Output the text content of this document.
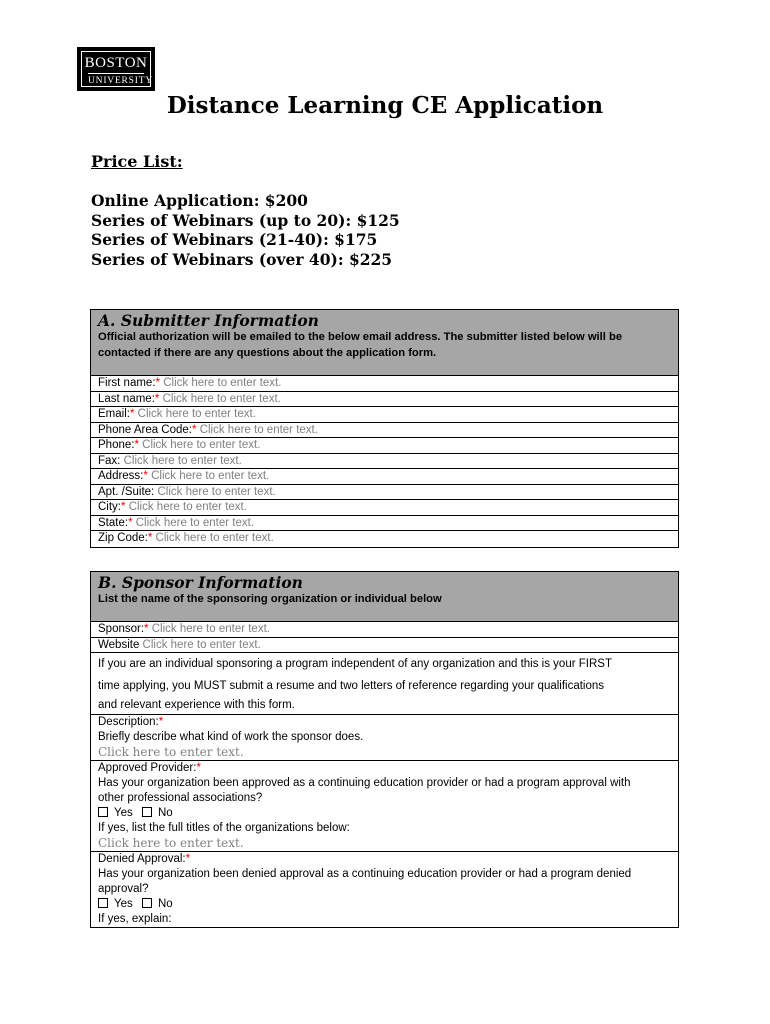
BOSTON
UNIVERSITY
Distance Learning CE Application
Price List:
Online Application: $200
Series of Webinars (up to 20): $125
Series of Webinars (21-40): $175
Series of Webinars (over 40): $225
A. Submitter Information
Official authorization will be emailed to the below email address. The submitter listed below will be contacted if there are any questions about the application form.
First name:* Click here to enter text.
Last name:* Click here to enter text.
Email:* Click here to enter text.
Phone Area Code:* Click here to enter text.
Phone:* Click here to enter text.
Fax: Click here to enter text.
Address:* Click here to enter text.
Apt. /Suite: Click here to enter text.
City:* Click here to enter text.
State:* Click here to enter text.
Zip Code:* Click here to enter text.
B. Sponsor Information
List the name of the sponsoring organization or individual below
Sponsor:* Click here to enter text.
Website Click here to enter text.
If you are an individual sponsoring a program independent of any organization and this is your FIRST
time applying, you MUST submit a resume and two letters of reference regarding your qualifications
and relevant experience with this form.
Description:*
Briefly describe what kind of work the sponsor does.
Click here to enter text.
Approved Provider:*
Has your organization been approved as a continuing education provider or had a program approval with other professional associations?
Yes No
If yes, list the full titles of the organizations below:
Click here to enter text.
Denied Approval:*
Has your organization been denied approval as a continuing education provider or had a program denied approval?
Yes No
If yes, explain:
